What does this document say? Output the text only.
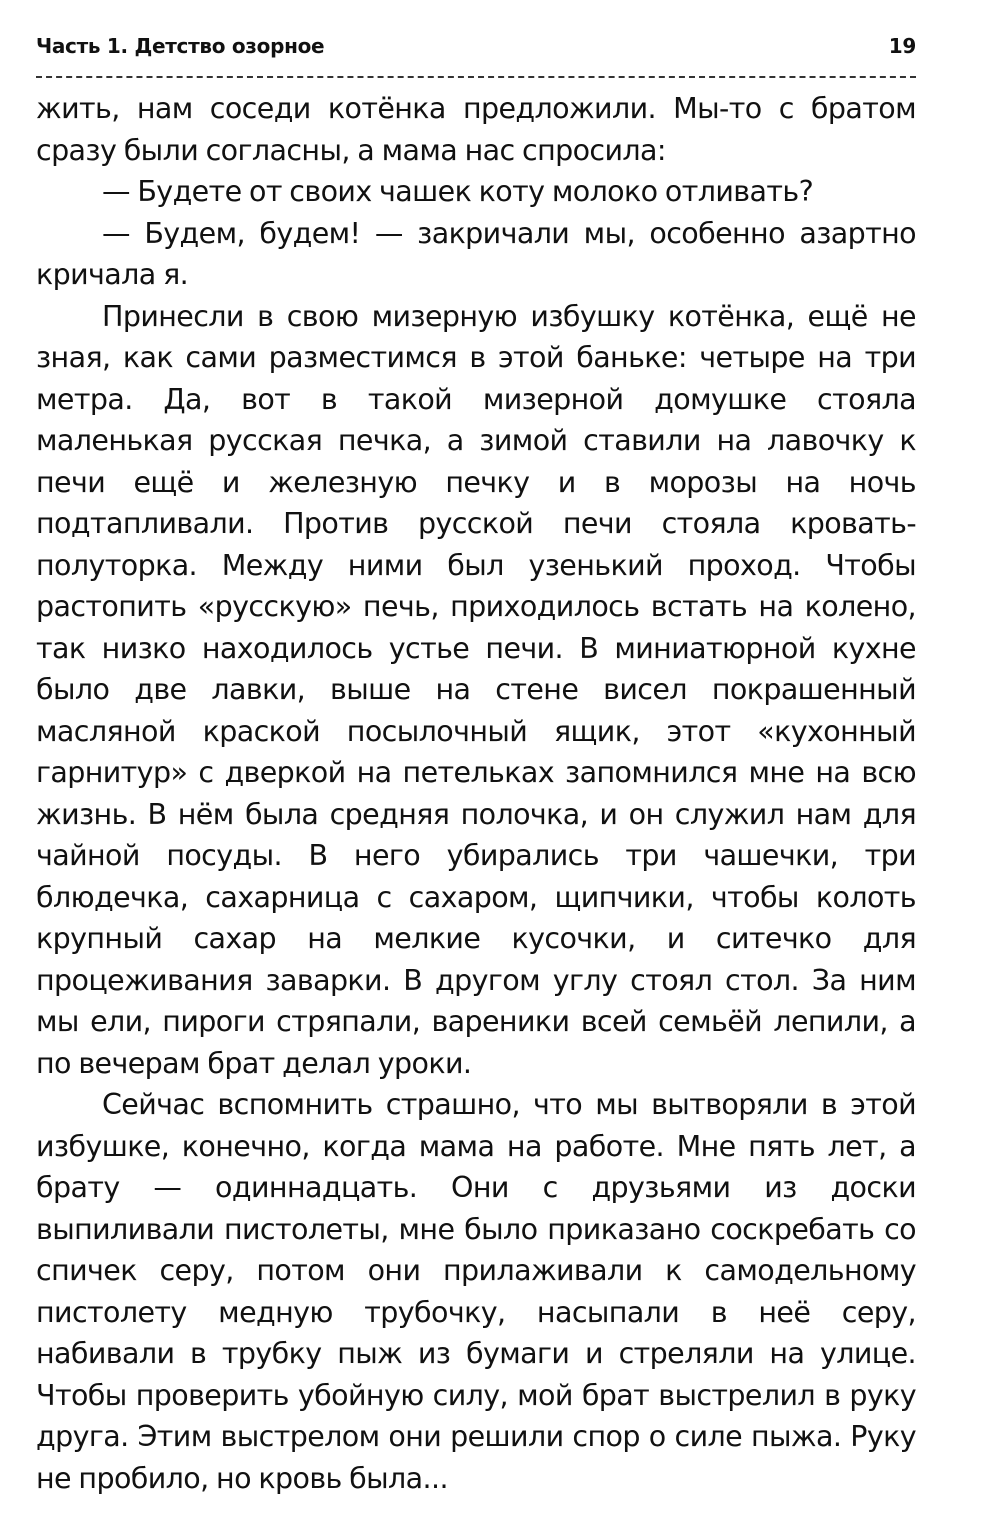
Часть 1. Детство озорное	19

жить, нам соседи котёнка предложили. Мы-то с братом сразу были согласны, а мама нас спросила:

— Будете от своих чашек коту молоко отливать?

— Будем, будем! — закричали мы, особенно азартно кричала я.

Принесли в свою мизерную избушку котёнка, ещё не зная, как сами разместимся в этой баньке: четыре на три метра. Да, вот в такой мизерной домушке стояла маленькая русская печка, а зимой ставили на лавочку к печи ещё и железную печку и в морозы на ночь подтапливали. Против русской печи стояла кровать-полуторка. Между ними был узенький проход. Чтобы растопить «русскую» печь, приходилось встать на колено, так низко находилось устье печи. В миниатюрной кухне было две лавки, выше на стене висел покрашенный масляной краской посылочный ящик, этот «кухонный гарнитур» с дверкой на петельках запомнился мне на всю жизнь. В нём была средняя полочка, и он служил нам для чайной посуды. В него убирались три чашечки, три блюдечка, сахарница с сахаром, щипчики, чтобы колоть крупный сахар на мелкие кусочки, и ситечко для процеживания заварки. В другом углу стоял стол. За ним мы ели, пироги стряпали, вареники всей семьёй лепили, а по вечерам брат делал уроки.

Сейчас вспомнить страшно, что мы вытворяли в этой избушке, конечно, когда мама на работе. Мне пять лет, а брату — одиннадцать. Они с друзьями из доски выпиливали пистолеты, мне было приказано соскребать со спичек серу, потом они прилаживали к самодельному пистолету медную трубочку, насыпали в неё серу, набивали в трубку пыж из бумаги и стреляли на улице. Чтобы проверить убойную силу, мой брат выстрелил в руку друга. Этим выстрелом они решили спор о силе пыжа. Руку не пробило, но кровь была...
